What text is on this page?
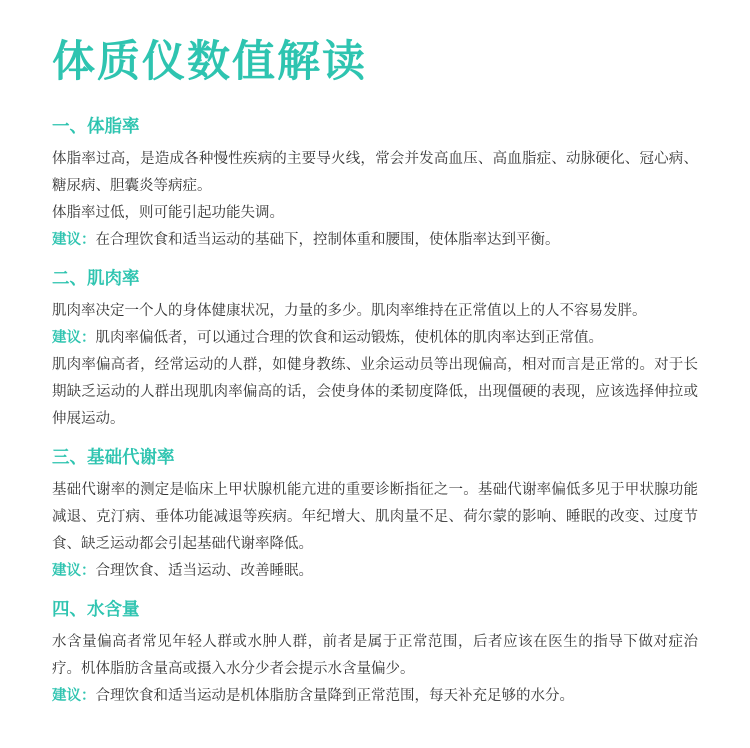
体质仪数值解读
一、体脂率

体脂率过高，是造成各种慢性疾病的主要导火线，常会并发高血压、高血脂症、动脉硬化、冠心病、糖尿病、胆囊炎等病症。

体脂率过低，则可能引起功能失调。

建议：在合理饮食和适当运动的基础下，控制体重和腰围，使体脂率达到平衡。

二、肌肉率

肌肉率决定一个人的身体健康状况，力量的多少。肌肉率维持在正常值以上的人不容易发胖。

建议：肌肉率偏低者，可以通过合理的饮食和运动锻炼，使机体的肌肉率达到正常值。

肌肉率偏高者，经常运动的人群，如健身教练、业余运动员等出现偏高，相对而言是正常的。对于长期缺乏运动的人群出现肌肉率偏高的话，会使身体的柔韧度降低，出现僵硬的表现，应该选择伸拉或伸展运动。

三、基础代谢率

基础代谢率的测定是临床上甲状腺机能亢进的重要诊断指征之一。基础代谢率偏低多见于甲状腺功能减退、克汀病、垂体功能减退等疾病。年纪增大、肌肉量不足、荷尔蒙的影响、睡眠的改变、过度节食、缺乏运动都会引起基础代谢率降低。

建议：合理饮食、适当运动、改善睡眠。

四、水含量

水含量偏高者常见年轻人群或水肿人群，前者是属于正常范围，后者应该在医生的指导下做对症治疗。机体脂肪含量高或摄入水分少者会提示水含量偏少。

建议：合理饮食和适当运动是机体脂肪含量降到正常范围，每天补充足够的水分。
